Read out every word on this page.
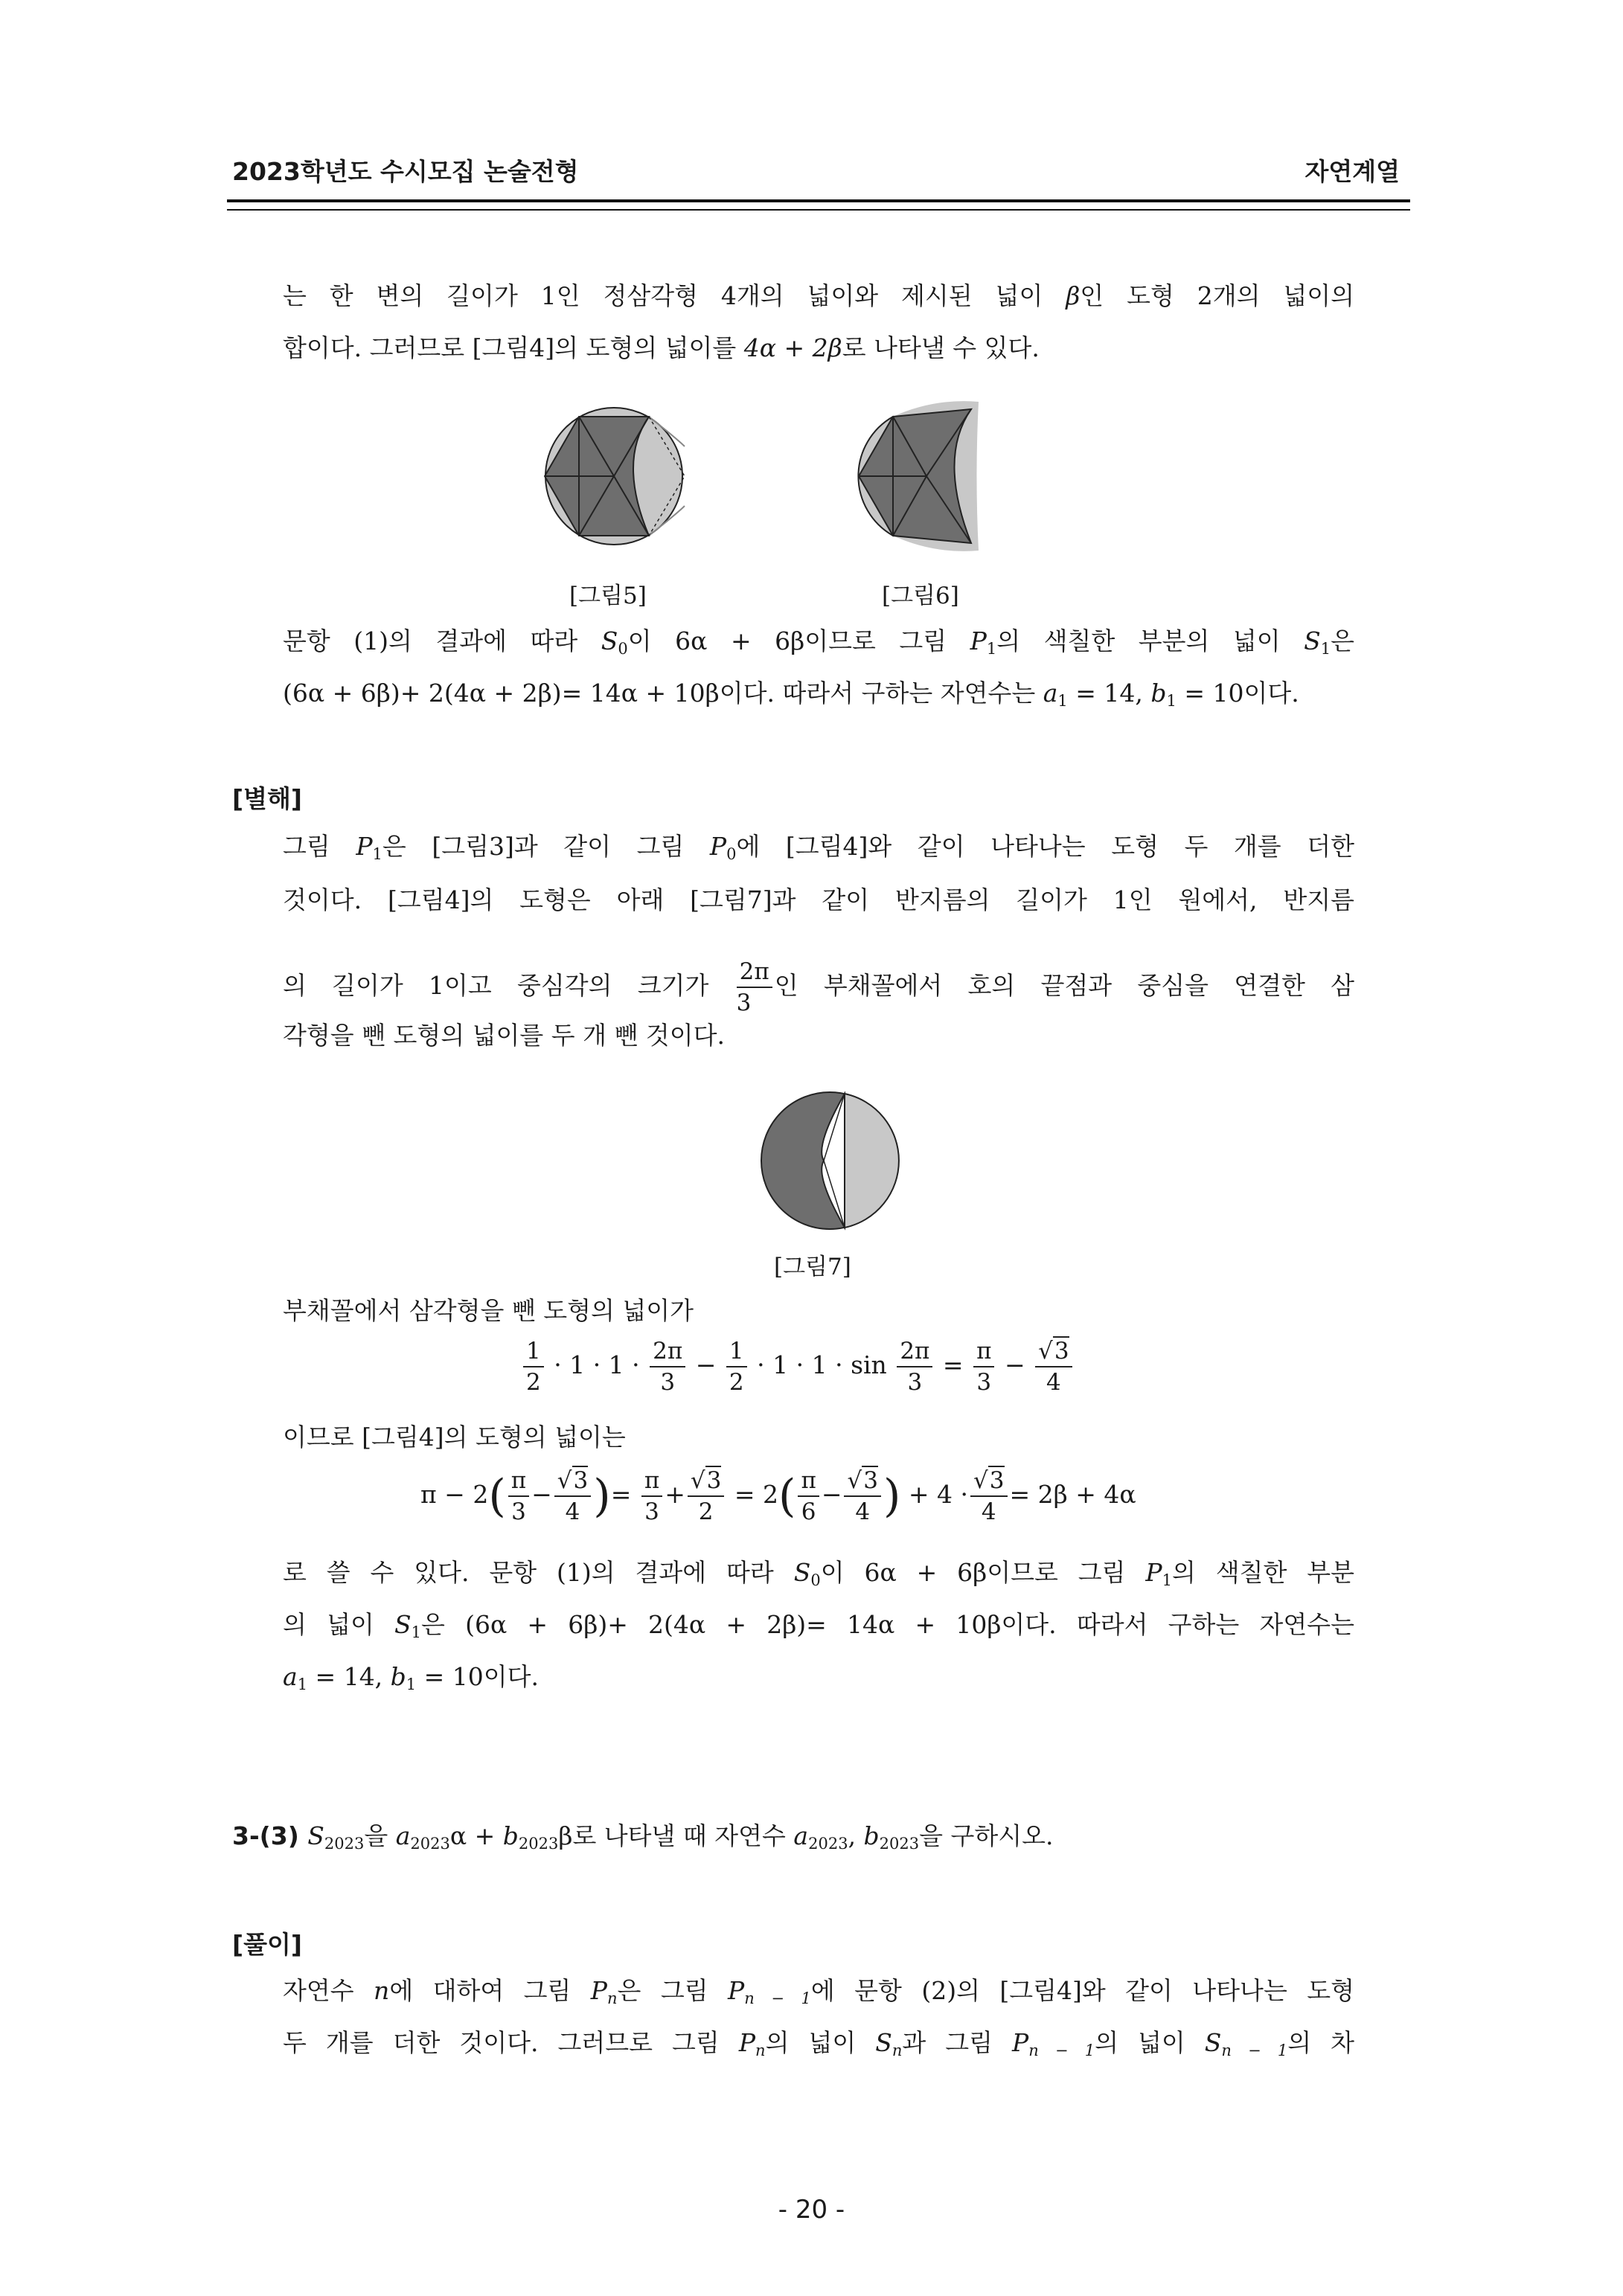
2023학년도 수시모집 논술전형	자연계열
는 한 변의 길이가 1인 정삼각형 4개의 넓이와 제시된 넓이 β인 도형 2개의 넓이의
합이다. 그러므로 [그림4]의 도형의 넓이를 4α + 2β로 나타낼 수 있다.
[그림5]	[그림6]
문항 (1)의 결과에 따라 $S_0$이 6α + 6β이므로 그림 $P_1$의 색칠한 부분의 넓이 $S_1$은
(6α + 6β)+ 2(4α + 2β)= 14α + 10β이다. 따라서 구하는 자연수는 $a_1 = 14$, $b_1 = 10$이다.
[별해]
그림 $P_1$은 [그림3]과 같이 그림 $P_0$에 [그림4]와 같이 나타나는 도형 두 개를 더한
것이다. [그림4]의 도형은 아래 [그림7]과 같이 반지름의 길이가 1인 원에서, 반지름
의 길이가 1이고 중심각의 크기가 $\frac{2\pi}{3}$ 인 부채꼴에서 호의 끝점과 중심을 연결한 삼
각형을 뺀 도형의 넓이를 두 개 뺀 것이다.
[그림7]
부채꼴에서 삼각형을 뺀 도형의 넓이가
$\frac{1}{2} \cdot 1 \cdot 1 \cdot \frac{2\pi}{3} - \frac{1}{2} \cdot 1 \cdot 1 \cdot \sin \frac{2\pi}{3} = \frac{\pi}{3} - \frac{√3}{4}$
이므로 [그림4]의 도형의 넓이는
$\pi - 2( \frac{\pi}{3} - \frac{√3}{4}$ )= $\frac{\pi}{3} + \frac{√3}{2} = 2( \frac{\pi}{6} - \frac{√3}{4}$ ) + $4 \cdot \frac{√3}{4} = 2\beta + 4\alpha$
로 쓸 수 있다. 문항 (1)의 결과에 따라 $S_0$이 6α + 6β이므로 그림 $P_1$의 색칠한 부분
의 넓이 $S_1$은 (6α + 6β)+ 2(4α + 2β)= 14α + 10β이다. 따라서 구하는 자연수는
$a_1 = 14$, $b_1 = 10$이다.
3-(3) $S_{2023}$을 $a_{2023}\alpha + b_{2023}\beta$로 나타낼 때 자연수 $a_{2023}$, $b_{2023}$을 구하시오.
[풀이]
자연수 n에 대하여 그림 $P_n$은 그림 $P_{n - 1}$에 문항 (2)의 [그림4]와 같이 나타나는 도형
두 개를 더한 것이다. 그러므로 그림 $P_n$의 넓이 $S_n$과 그림 $P_{n - 1}$의 넓이 $S_{n - 1}$의 차
- 20 -
